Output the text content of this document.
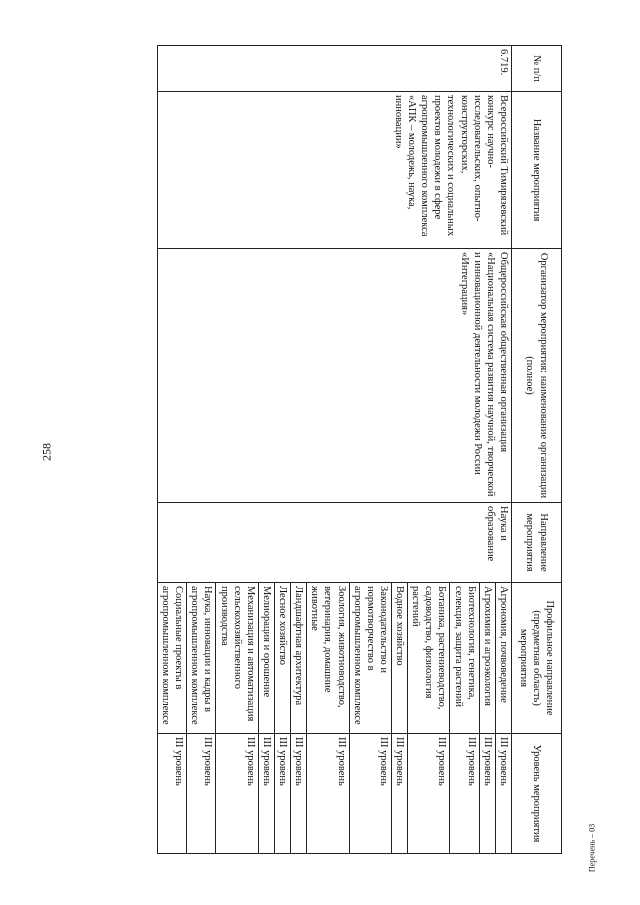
258
№ п/п	Название мероприятия	Организатор мероприятия: наименование организации (полное)	Направление мероприятия	Профильное направление (предметная область) мероприятия	Уровень мероприятия
6.719.	Всероссийский Тимирязевский конкурс научно-исследовательских, опытно-конструкторских, технологических и социальных проектов молодежи в сфере агропромышленного комплекса «АПК – молодежь, наука, инновации»	Общероссийская общественная организация «Национальная система развития научной, творческой и инновационной деятельности молодежи России «Интеграция»	Наука и образование	Агрономия, почвоведение	III уровень
				Агрохимия и агроэкология	III уровень
				Биотехнология, генетика, селекция, защита растений	III уровень
				Ботаника, растениеводство, садоводство, физиология растений	III уровень
				Водное хозяйство	III уровень
				Законодательство и нормотворчество в агропромышленном комплексе	III уровень
				Зоология, животноводство, ветеринария, домашние животные	III уровень
				Ландшафтная архитектура	III уровень
				Лесное хозяйство	III уровень
				Мелиорация и орошение	III уровень
				Механизация и автоматизация сельскохозяйственного производства	III уровень
				Наука, инновации и кадры в агропромышленном комплексе	III уровень
				Социальные проекты в агропромышленном комплексе	III уровень
Перечень – 03
